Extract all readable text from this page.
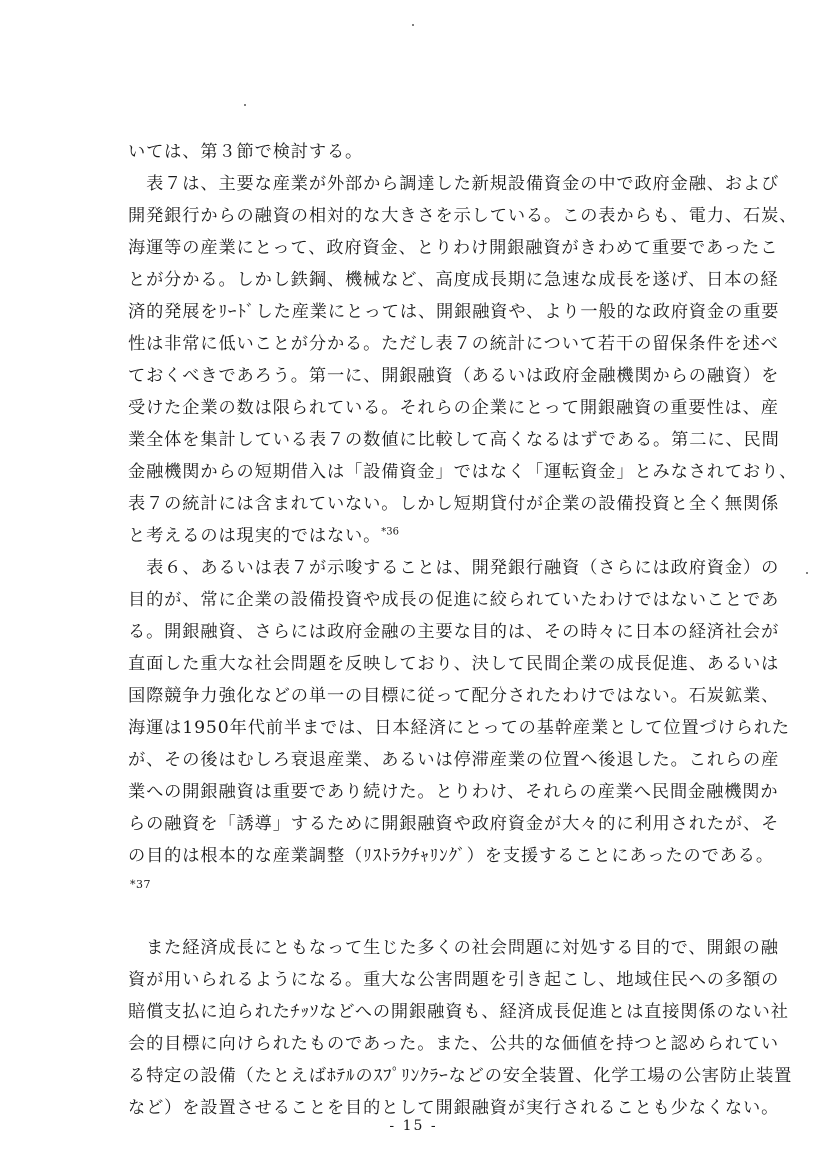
いては、第３節で検討する。
　表７は、主要な産業が外部から調達した新規設備資金の中で政府金融、および
開発銀行からの融資の相対的な大きさを示している。この表からも、電力、石炭、
海運等の産業にとって、政府資金、とりわけ開銀融資がきわめて重要であったこ
とが分かる。しかし鉄鋼、機械など、高度成長期に急速な成長を遂げ、日本の経
済的発展をﾘｰﾄﾞした産業にとっては、開銀融資や、より一般的な政府資金の重要
性は非常に低いことが分かる。ただし表７の統計について若干の留保条件を述べ
ておくべきであろう。第一に、開銀融資（あるいは政府金融機関からの融資）を
受けた企業の数は限られている。それらの企業にとって開銀融資の重要性は、産
業全体を集計している表７の数値に比較して高くなるはずである。第二に、民間
金融機関からの短期借入は「設備資金」ではなく「運転資金」とみなされており、
表７の統計には含まれていない。しかし短期貸付が企業の設備投資と全く無関係
と考えるのは現実的ではない。$^{*36}$
　表６、あるいは表７が示唆することは、開発銀行融資（さらには政府資金）の
目的が、常に企業の設備投資や成長の促進に絞られていたわけではないことであ
る。開銀融資、さらには政府金融の主要な目的は、その時々に日本の経済社会が
直面した重大な社会問題を反映しており、決して民間企業の成長促進、あるいは
国際競争力強化などの単一の目標に従って配分されたわけではない。石炭鉱業、
海運は1950年代前半までは、日本経済にとっての基幹産業として位置づけられた
が、その後はむしろ衰退産業、あるいは停滞産業の位置へ後退した。これらの産
業への開銀融資は重要であり続けた。とりわけ、それらの産業へ民間金融機関か
らの融資を「誘導」するために開銀融資や政府資金が大々的に利用されたが、そ
の目的は根本的な産業調整（ﾘｽﾄﾗｸﾁｬﾘﾝｸﾞ）を支援することにあったのである。
*37
　また経済成長にともなって生じた多くの社会問題に対処する目的で、開銀の融
資が用いられるようになる。重大な公害問題を引き起こし、地域住民への多額の
賠償支払に迫られたﾁｯｿなどへの開銀融資も、経済成長促進とは直接関係のない社
会的目標に向けられたものであった。また、公共的な価値を持つと認められてい
る特定の設備（たとえばﾎﾃﾙのｽﾌﾟﾘﾝｸﾗｰなどの安全装置、化学工場の公害防止装置
など）を設置させることを目的として開銀融資が実行されることも少なくない。
- 15 -
